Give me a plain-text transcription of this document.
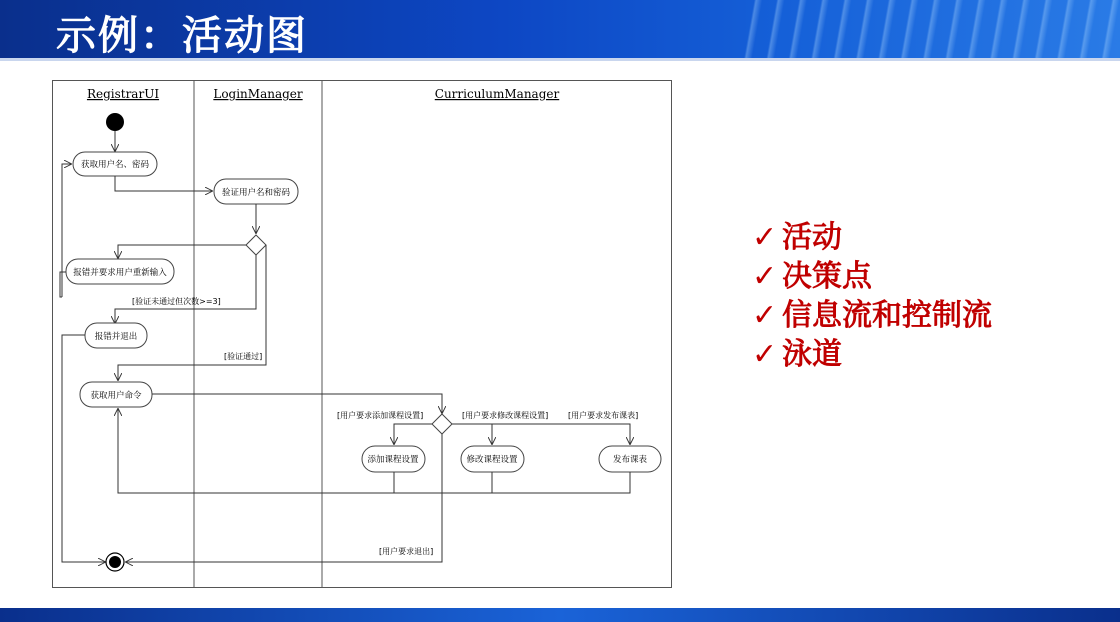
示例：活动图
RegistrarUI	LoginManager	CurriculumManager
获取用户名、密码
验证用户名和密码
报错并要求用户重新输入
[验证未通过但次数>=3]
报错并退出
[验证通过]
获取用户命令
[用户要求添加课程设置]
添加课程设置
[用户要求修改课程设置]
修改课程设置
[用户要求发布课表]
发布课表
[用户要求退出]
✓ 活动
✓ 决策点
✓ 信息流和控制流
✓ 泳道
